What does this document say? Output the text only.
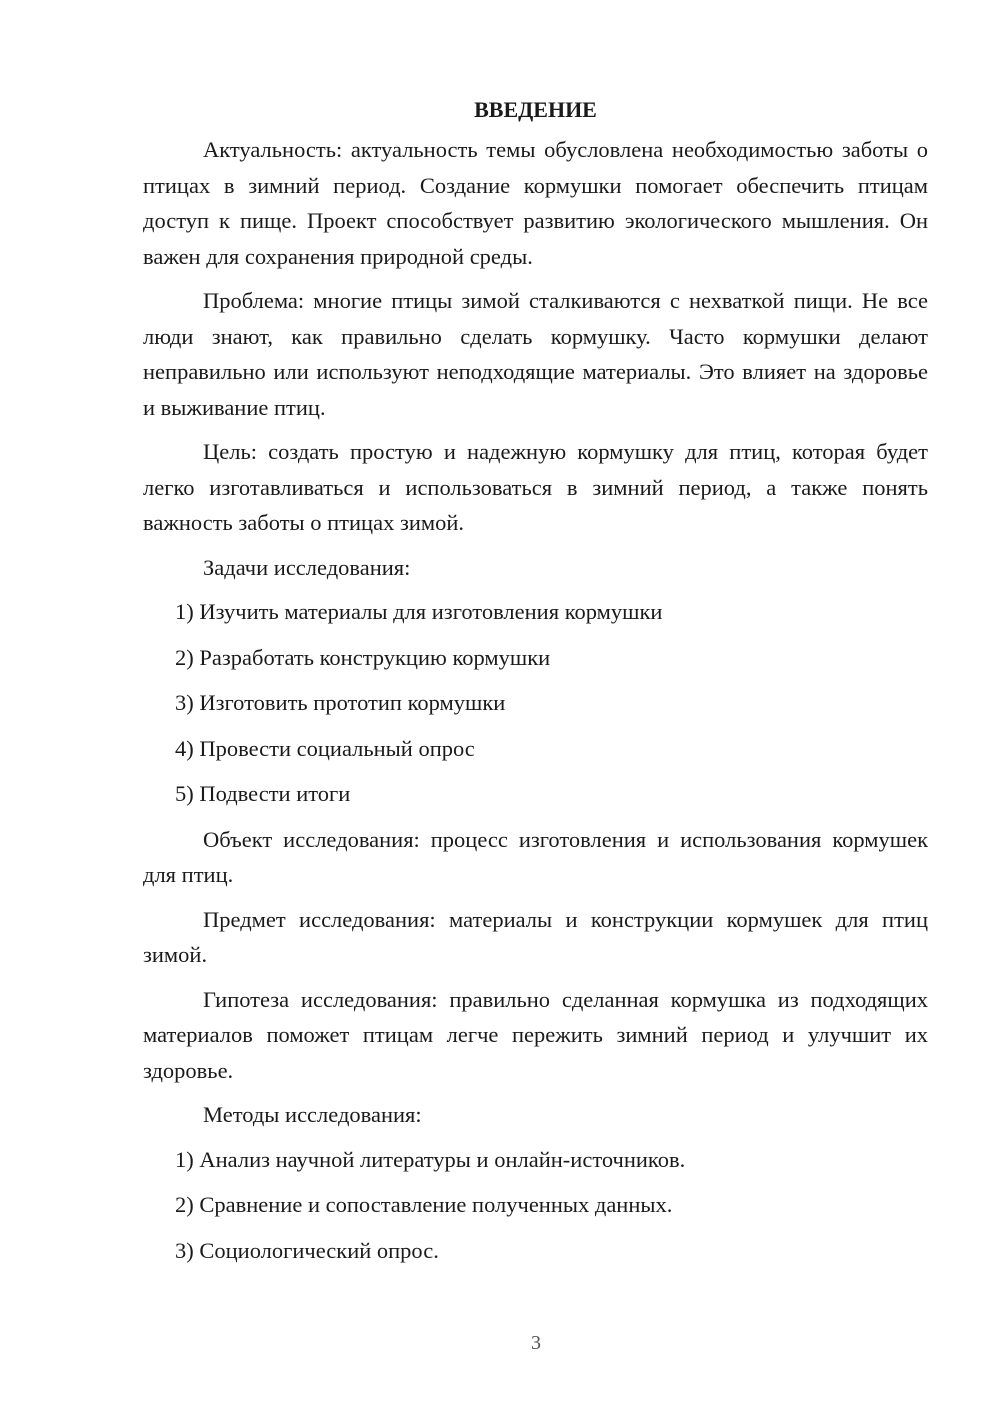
ВВЕДЕНИЕ

Актуальность: актуальность темы обусловлена необходимостью заботы о птицах в зимний период. Создание кормушки помогает обеспечить птицам доступ к пище. Проект способствует развитию экологического мышления. Он важен для сохранения природной среды.

Проблема: многие птицы зимой сталкиваются с нехваткой пищи. Не все люди знают, как правильно сделать кормушку. Часто кормушки делают неправильно или используют неподходящие материалы. Это влияет на здоровье и выживание птиц.

Цель: создать простую и надежную кормушку для птиц, которая будет легко изготавливаться и использоваться в зимний период, а также понять важность заботы о птицах зимой.

Задачи исследования:

1) Изучить материалы для изготовления кормушки
2) Разработать конструкцию кормушки
3) Изготовить прототип кормушки
4) Провести социальный опрос
5) Подвести итоги

Объект исследования: процесс изготовления и использования кормушек для птиц.

Предмет исследования: материалы и конструкции кормушек для птиц зимой.

Гипотеза исследования: правильно сделанная кормушка из подходящих материалов поможет птицам легче пережить зимний период и улучшит их здоровье.

Методы исследования:

1) Анализ научной литературы и онлайн-источников.
2) Сравнение и сопоставление полученных данных.
3) Социологический опрос.
3
